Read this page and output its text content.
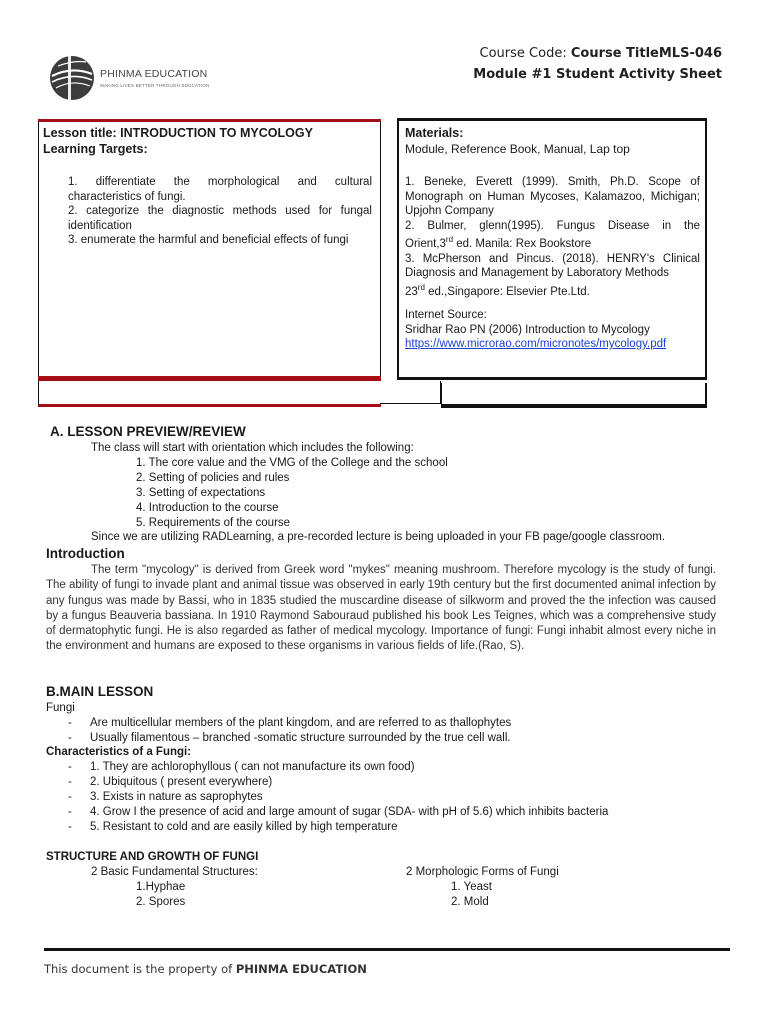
PHINMA EDUCATION
MAKING LIVES BETTER THROUGH EDUCATION
Course Code: Course TitleMLS-046
Module #1 Student Activity Sheet
Lesson title: INTRODUCTION TO MYCOLOGY
Learning Targets:
1. differentiate the morphological and cultural characteristics of fungi.
2. categorize the diagnostic methods used for fungal identification
3. enumerate the harmful and beneficial effects of fungi
Materials:
Module, Reference Book, Manual, Lap top
1. Beneke, Everett (1999). Smith, Ph.D. Scope of Monograph on Human Mycoses, Kalamazoo, Michigan; Upjohn Company
2. Bulmer, glenn(1995). Fungus Disease in the
Orient,3rd ed. Manila: Rex Bookstore
3. McPherson and Pincus. (2018). HENRY's Clinical Diagnosis and Management by Laboratory Methods
23rd ed.,Singapore: Elsevier Pte.Ltd.
Internet Source:
Sridhar Rao PN (2006) Introduction to Mycology
https://www.microrao.com/micronotes/mycology.pdf
A. LESSON PREVIEW/REVIEW
The class will start with orientation which includes the following:
1. The core value and the VMG of the College and the school
2. Setting of policies and rules
3. Setting of expectations
4. Introduction to the course
5. Requirements of the course
Since we are utilizing RADLearning, a pre-recorded lecture is being uploaded in your FB page/google classroom.
Introduction
The term "mycology" is derived from Greek word "mykes" meaning mushroom. Therefore mycology is the study of fungi. The ability of fungi to invade plant and animal tissue was observed in early 19th century but the first documented animal infection by any fungus was made by Bassi, who in 1835 studied the muscardine disease of silkworm and proved the the infection was caused by a fungus Beauveria bassiana. In 1910 Raymond Sabouraud published his book Les Teignes, which was a comprehensive study of dermatophytic fungi. He is also regarded as father of medical mycology. Importance of fungi: Fungi inhabit almost every niche in the environment and humans are exposed to these organisms in various fields of life.(Rao, S).
B.MAIN LESSON
Fungi
- Are multicellular members of the plant kingdom, and are referred to as thallophytes
- Usually filamentous – branched -somatic structure surrounded by the true cell wall.
Characteristics of a Fungi:
- 1. They are achlorophyllous ( can not manufacture its own food)
- 2. Ubiquitous ( present everywhere)
- 3. Exists in nature as saprophytes
- 4. Grow I the presence of acid and large amount of sugar (SDA- with pH of 5.6) which inhibits bacteria
- 5. Resistant to cold and are easily killed by high temperature
STRUCTURE AND GROWTH OF FUNGI
2 Basic Fundamental Structures:
1.Hyphae
2. Spores
2 Morphologic Forms of Fungi
1. Yeast
2. Mold
This document is the property of PHINMA EDUCATION
